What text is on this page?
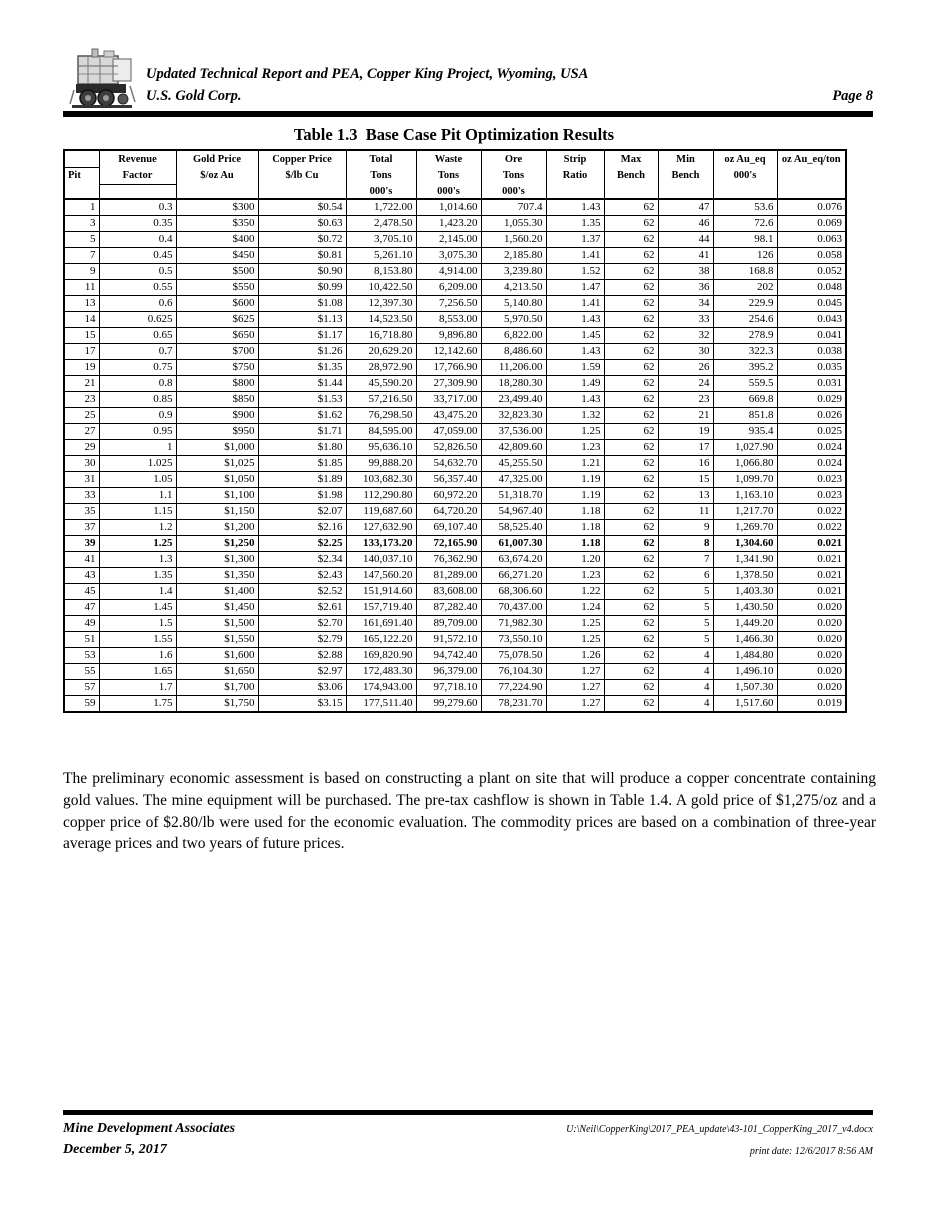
Updated Technical Report and PEA, Copper King Project, Wyoming, USA
U.S. Gold Corp.	Page 8
Table 1.3  Base Case Pit Optimization Results
	Revenue	Gold Price	Copper Price	Total	Waste	Ore	Strip	Max	Min	oz Au_eq	oz Au_eq/ton
Pit	Factor	$/oz Au	$/lb Cu	Tons	Tons	Tons	Ratio	Bench	Bench	000's	
				000's	000's	000's					
1	0.3	$300	$0.54	1,722.00	1,014.60	707.4	1.43	62	47	53.6	0.076
3	0.35	$350	$0.63	2,478.50	1,423.20	1,055.30	1.35	62	46	72.6	0.069
5	0.4	$400	$0.72	3,705.10	2,145.00	1,560.20	1.37	62	44	98.1	0.063
7	0.45	$450	$0.81	5,261.10	3,075.30	2,185.80	1.41	62	41	126	0.058
9	0.5	$500	$0.90	8,153.80	4,914.00	3,239.80	1.52	62	38	168.8	0.052
11	0.55	$550	$0.99	10,422.50	6,209.00	4,213.50	1.47	62	36	202	0.048
13	0.6	$600	$1.08	12,397.30	7,256.50	5,140.80	1.41	62	34	229.9	0.045
14	0.625	$625	$1.13	14,523.50	8,553.00	5,970.50	1.43	62	33	254.6	0.043
15	0.65	$650	$1.17	16,718.80	9,896.80	6,822.00	1.45	62	32	278.9	0.041
17	0.7	$700	$1.26	20,629.20	12,142.60	8,486.60	1.43	62	30	322.3	0.038
19	0.75	$750	$1.35	28,972.90	17,766.90	11,206.00	1.59	62	26	395.2	0.035
21	0.8	$800	$1.44	45,590.20	27,309.90	18,280.30	1.49	62	24	559.5	0.031
23	0.85	$850	$1.53	57,216.50	33,717.00	23,499.40	1.43	62	23	669.8	0.029
25	0.9	$900	$1.62	76,298.50	43,475.20	32,823.30	1.32	62	21	851.8	0.026
27	0.95	$950	$1.71	84,595.00	47,059.00	37,536.00	1.25	62	19	935.4	0.025
29	1	$1,000	$1.80	95,636.10	52,826.50	42,809.60	1.23	62	17	1,027.90	0.024
30	1.025	$1,025	$1.85	99,888.20	54,632.70	45,255.50	1.21	62	16	1,066.80	0.024
31	1.05	$1,050	$1.89	103,682.30	56,357.40	47,325.00	1.19	62	15	1,099.70	0.023
33	1.1	$1,100	$1.98	112,290.80	60,972.20	51,318.70	1.19	62	13	1,163.10	0.023
35	1.15	$1,150	$2.07	119,687.60	64,720.20	54,967.40	1.18	62	11	1,217.70	0.022
37	1.2	$1,200	$2.16	127,632.90	69,107.40	58,525.40	1.18	62	9	1,269.70	0.022
39	1.25	$1,250	$2.25	133,173.20	72,165.90	61,007.30	1.18	62	8	1,304.60	0.021
41	1.3	$1,300	$2.34	140,037.10	76,362.90	63,674.20	1.20	62	7	1,341.90	0.021
43	1.35	$1,350	$2.43	147,560.20	81,289.00	66,271.20	1.23	62	6	1,378.50	0.021
45	1.4	$1,400	$2.52	151,914.60	83,608.00	68,306.60	1.22	62	5	1,403.30	0.021
47	1.45	$1,450	$2.61	157,719.40	87,282.40	70,437.00	1.24	62	5	1,430.50	0.020
49	1.5	$1,500	$2.70	161,691.40	89,709.00	71,982.30	1.25	62	5	1,449.20	0.020
51	1.55	$1,550	$2.79	165,122.20	91,572.10	73,550.10	1.25	62	5	1,466.30	0.020
53	1.6	$1,600	$2.88	169,820.90	94,742.40	75,078.50	1.26	62	4	1,484.80	0.020
55	1.65	$1,650	$2.97	172,483.30	96,379.00	76,104.30	1.27	62	4	1,496.10	0.020
57	1.7	$1,700	$3.06	174,943.00	97,718.10	77,224.90	1.27	62	4	1,507.30	0.020
59	1.75	$1,750	$3.15	177,511.40	99,279.60	78,231.70	1.27	62	4	1,517.60	0.019
The preliminary economic assessment is based on constructing a plant on site that will produce a copper concentrate containing gold values. The mine equipment will be purchased. The pre-tax cashflow is shown in Table 1.4. A gold price of $1,275/oz and a copper price of $2.80/lb were used for the economic evaluation. The commodity prices are based on a combination of three-year average prices and two years of future prices.
Mine Development Associates
December 5, 2017
U:\Neil\CopperKing\2017_PEA_update\43-101_CopperKing_2017_v4.docx
print date: 12/6/2017 8:56 AM
